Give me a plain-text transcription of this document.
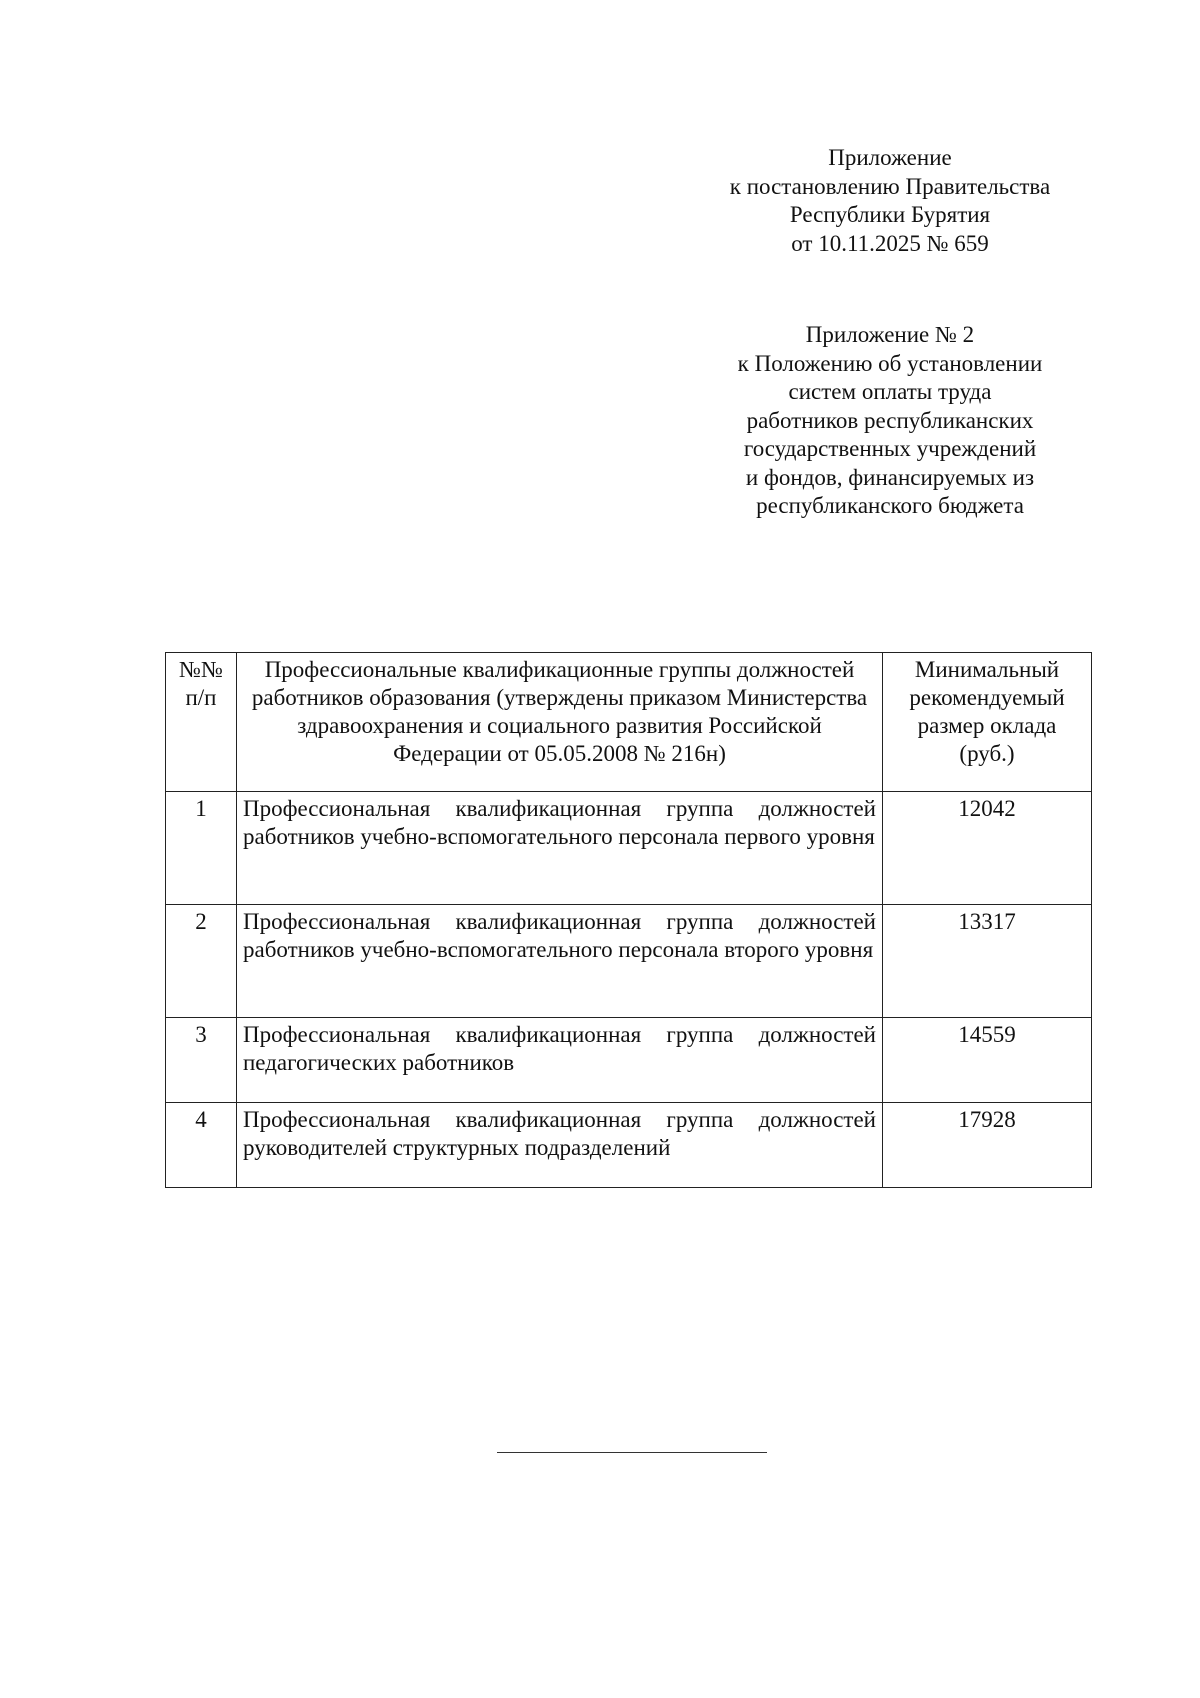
Приложение
к постановлению Правительства
Республики Бурятия
от 10.11.2025 № 659
Приложение № 2
к Положению об установлении
систем оплаты труда
работников республиканских
государственных учреждений
и фондов, финансируемых из
республиканского бюджета
№№ п/п	Профессиональные квалификационные группы должностей работников образования (утверждены приказом Министерства здравоохранения и социального развития Российской Федерации от 05.05.2008 № 216н)	Минимальный рекомендуемый размер оклада (руб.)
1	Профессиональная квалификационная группа должностей работников учебно-вспомогательного персонала первого уровня	12042
2	Профессиональная квалификационная группа должностей работников учебно-вспомогательного персонала второго уровня	13317
3	Профессиональная квалификационная группа должностей педагогических работников	14559
4	Профессиональная квалификационная группа должностей руководителей структурных подразделений	17928
